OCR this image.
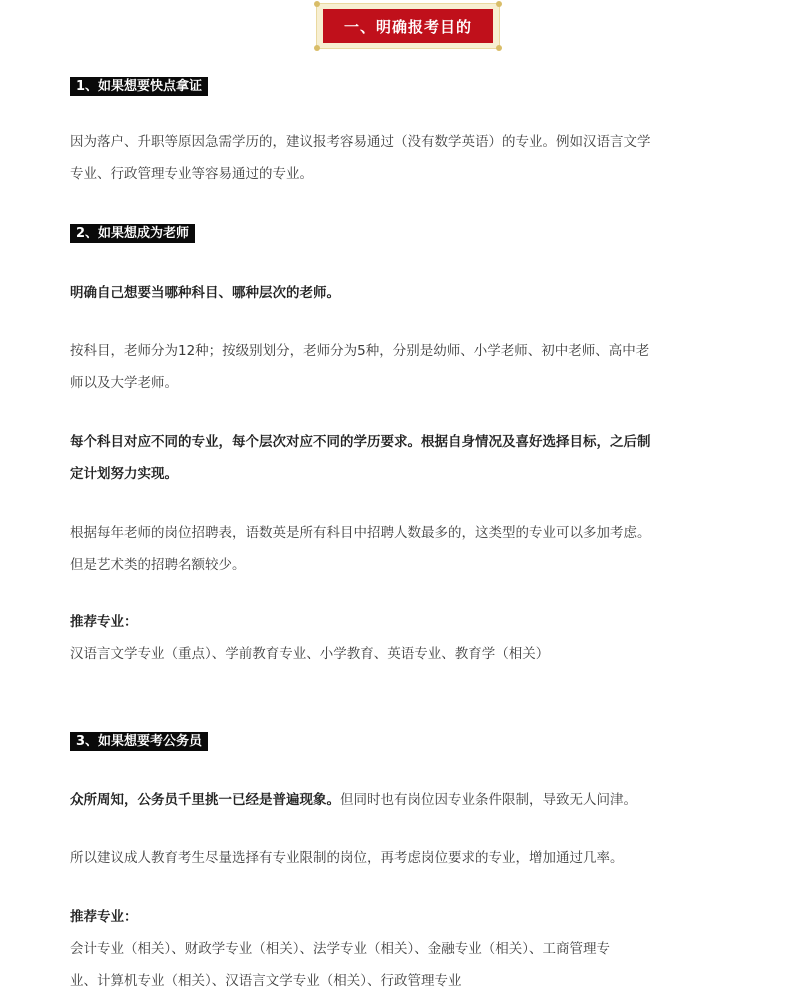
一、明确报考目的
1、如果想要快点拿证
因为落户、升职等原因急需学历的，建议报考容易通过（没有数学英语）的专业。例如汉语言文学
专业、行政管理专业等容易通过的专业。
2、如果想成为老师
明确自己想要当哪种科目、哪种层次的老师。
按科目，老师分为12种；按级别划分，老师分为5种，分别是幼师、小学老师、初中老师、高中老
师以及大学老师。
每个科目对应不同的专业，每个层次对应不同的学历要求。根据自身情况及喜好选择目标，之后制
定计划努力实现。
根据每年老师的岗位招聘表，语数英是所有科目中招聘人数最多的，这类型的专业可以多加考虑。
但是艺术类的招聘名额较少。
推荐专业：
汉语言文学专业（重点）、学前教育专业、小学教育、英语专业、教育学（相关）
3、如果想要考公务员
众所周知，公务员千里挑一已经是普遍现象。但同时也有岗位因专业条件限制，导致无人问津。
所以建议成人教育考生尽量选择有专业限制的岗位，再考虑岗位要求的专业，增加通过几率。
推荐专业：
会计专业（相关）、财政学专业（相关）、法学专业（相关）、金融专业（相关）、工商管理专
业、计算机专业（相关）、汉语言文学专业（相关）、行政管理专业
